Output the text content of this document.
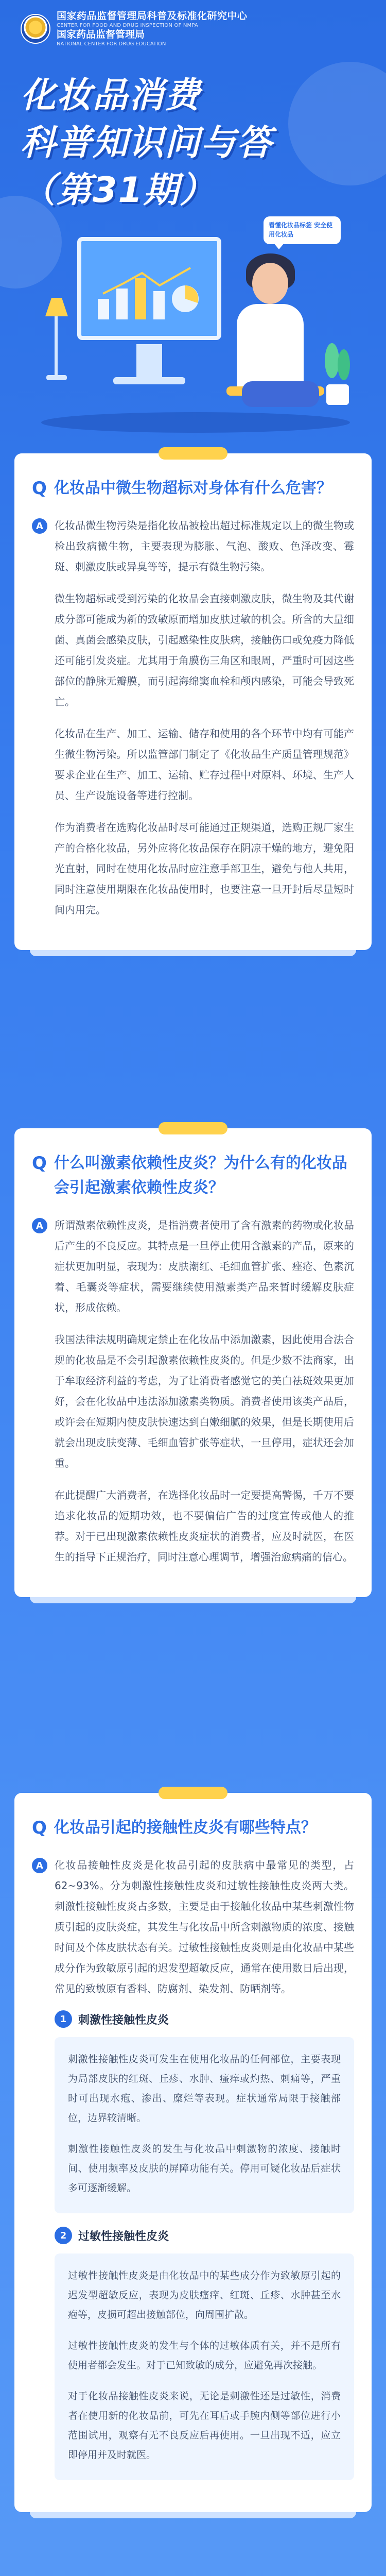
国家药品监督管理局科普及标准化研究中心
CENTER FOR FOOD AND DRUG INSPECTION OF NMPA
国家药品监督管理局
NATIONAL CENTER FOR DRUG EDUCATION
化妆品消费
科普知识问与答
（第31期）
看懂化妆品标签 安全使用化妆品
Q 化妆品中微生物超标对身体有什么危害？
A	化妆品微生物污染是指化妆品被检出超过标准规定以上的微生物或检出致病微生物，主要表现为膨胀、气泡、酸败、色泽改变、霉斑、刺激皮肤或异臭等等，提示有微生物污染。

微生物超标或受到污染的化妆品会直接刺激皮肤，微生物及其代谢成分都可能成为新的致敏原而增加皮肤过敏的机会。所含的大量细菌、真菌会感染皮肤，引起感染性皮肤病，接触伤口或免疫力降低还可能引发炎症。尤其用于角膜伤三角区和眼周，严重时可因这些部位的静脉无瓣膜，而引起海绵窦血栓和颅内感染，可能会导致死亡。

化妆品在生产、加工、运输、储存和使用的各个环节中均有可能产生微生物污染。所以监管部门制定了《化妆品生产质量管理规范》要求企业在生产、加工、运输、贮存过程中对原料、环境、生产人员、生产设施设备等进行控制。

作为消费者在选购化妆品时尽可能通过正规渠道，选购正规厂家生产的合格化妆品，另外应将化妆品保存在阴凉干燥的地方，避免阳光直射，同时在使用化妆品时应注意手部卫生，避免与他人共用，同时注意使用期限在化妆品使用时，也要注意一旦开封后尽量短时间内用完。

Q 什么叫激素依赖性皮炎？为什么有的化妆品会引起激素依赖性皮炎？
A	所谓激素依赖性皮炎，是指消费者使用了含有激素的药物或化妆品后产生的不良反应。其特点是一旦停止使用含激素的产品，原来的症状更加明显，表现为：皮肤潮红、毛细血管扩张、痤疮、色素沉着、毛囊炎等症状，需要继续使用激素类产品来暂时缓解皮肤症状，形成依赖。

我国法律法规明确规定禁止在化妆品中添加激素，因此使用合法合规的化妆品是不会引起激素依赖性皮炎的。但是少数不法商家，出于牟取经济利益的考虑，为了让消费者感觉它的美白祛斑效果更加好，会在化妆品中违法添加激素类物质。消费者使用该类产品后，或许会在短期内使皮肤快速达到白嫩细腻的效果，但是长期使用后就会出现皮肤变薄、毛细血管扩张等症状，一旦停用，症状还会加重。

在此提醒广大消费者，在选择化妆品时一定要提高警惕，千万不要追求化妆品的短期功效，也不要偏信广告的过度宣传或他人的推荐。对于已出现激素依赖性皮炎症状的消费者，应及时就医，在医生的指导下正规治疗，同时注意心理调节，增强治愈病痛的信心。

Q 化妆品引起的接触性皮炎有哪些特点？
A	化妆品接触性皮炎是化妆品引起的皮肤病中最常见的类型，占62~93%。分为刺激性接触性皮炎和过敏性接触性皮炎两大类。刺激性接触性皮炎占多数，主要是由于接触化妆品中某些刺激性物质引起的皮肤炎症，其发生与化妆品中所含刺激物质的浓度、接触时间及个体皮肤状态有关。过敏性接触性皮炎则是由化妆品中某些成分作为致敏原引起的迟发型超敏反应，通常在使用数日后出现，常见的致敏原有香料、防腐剂、染发剂、防晒剂等。

1	刺激性接触性皮炎

刺激性接触性皮炎可发生在使用化妆品的任何部位，主要表现为局部皮肤的红斑、丘疹、水肿、瘙痒或灼热、刺痛等，严重时可出现水疱、渗出、糜烂等表现。症状通常局限于接触部位，边界较清晰。

刺激性接触性皮炎的发生与化妆品中刺激物的浓度、接触时间、使用频率及皮肤的屏障功能有关。停用可疑化妆品后症状多可逐渐缓解。

2	过敏性接触性皮炎

过敏性接触性皮炎是由化妆品中的某些成分作为致敏原引起的迟发型超敏反应，表现为皮肤瘙痒、红斑、丘疹、水肿甚至水疱等，皮损可超出接触部位，向周围扩散。

过敏性接触性皮炎的发生与个体的过敏体质有关，并不是所有使用者都会发生。对于已知致敏的成分，应避免再次接触。

对于化妆品接触性皮炎来说，无论是刺激性还是过敏性，消费者在使用新的化妆品前，可先在耳后或手腕内侧等部位进行小范围试用，观察有无不良反应后再使用。一旦出现不适，应立即停用并及时就医。
